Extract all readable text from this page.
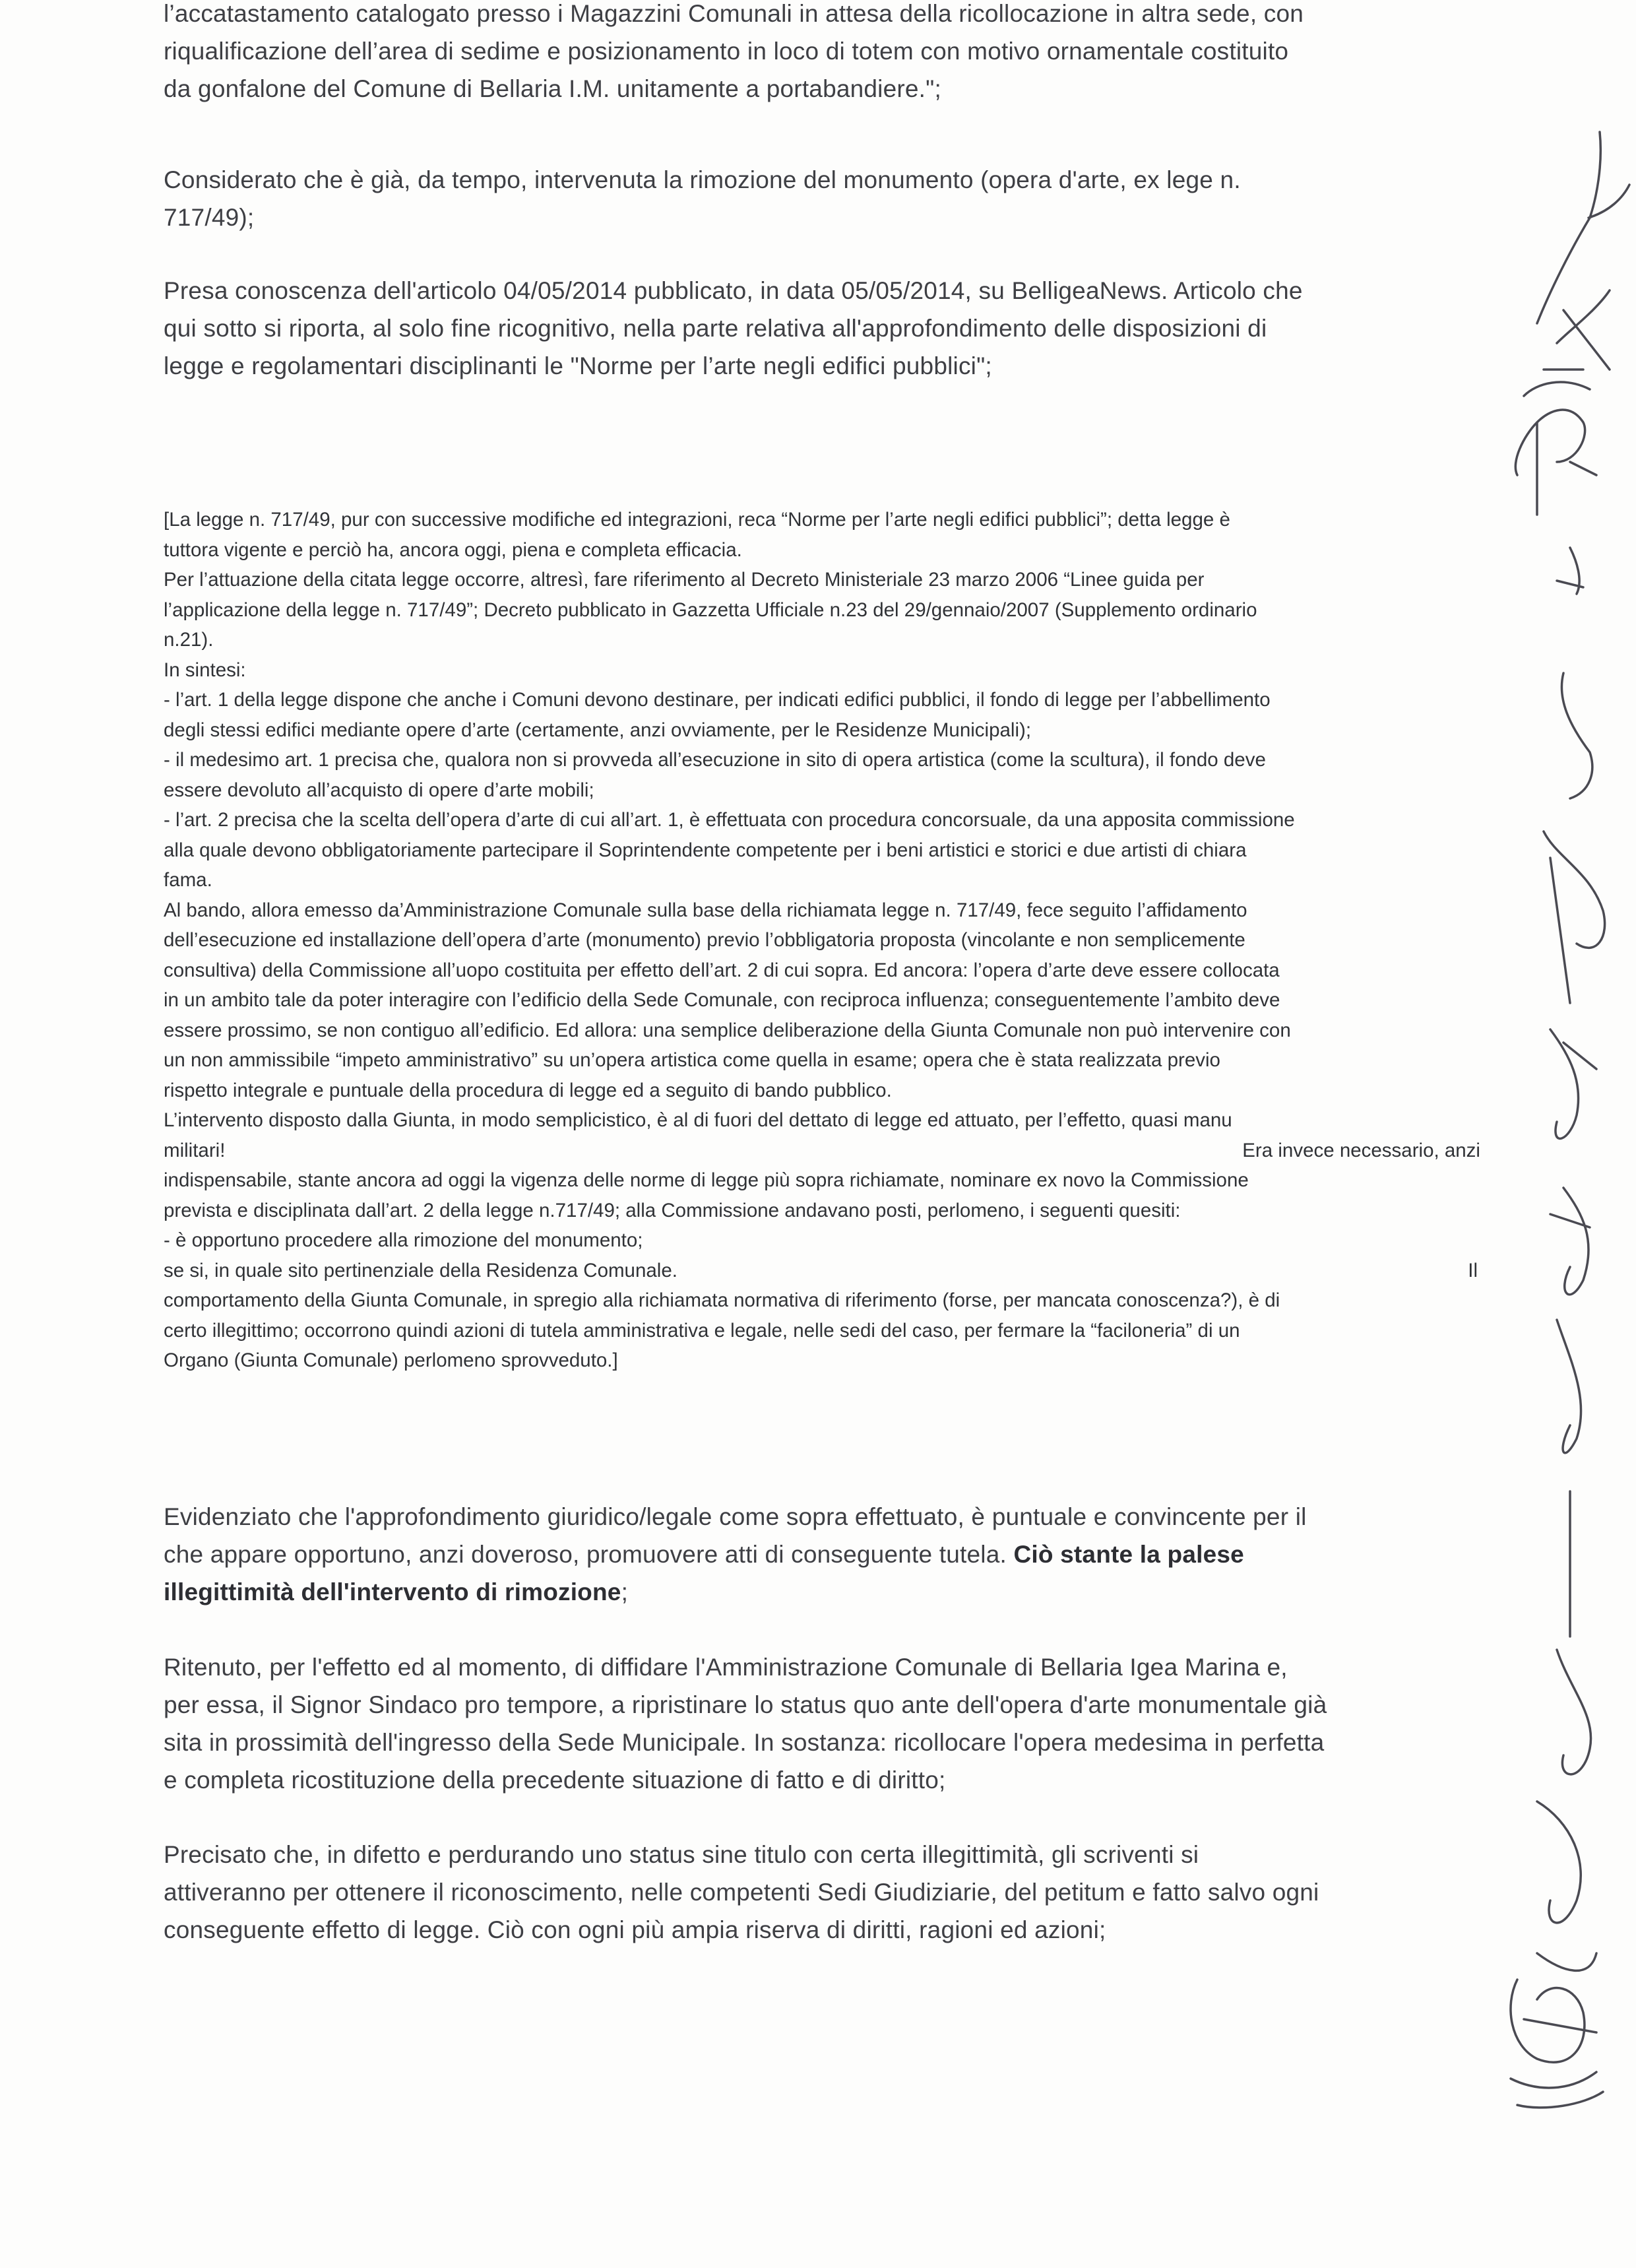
l’accatastamento catalogato presso i Magazzini Comunali in attesa della ricollocazione in altra sede, con
riqualificazione dell’area di sedime e posizionamento in loco di totem con motivo ornamentale costituito
da gonfalone del Comune di Bellaria I.M. unitamente a portabandiere.";
Considerato che è già, da tempo, intervenuta la rimozione del monumento (opera d'arte, ex lege n.
717/49);
Presa conoscenza dell'articolo 04/05/2014 pubblicato, in data 05/05/2014, su BelligeaNews. Articolo che
qui sotto si riporta, al solo fine ricognitivo, nella parte relativa all'approfondimento delle disposizioni di
legge e regolamentari disciplinanti le "Norme per l’arte negli edifici pubblici";
[La legge n. 717/49, pur con successive modifiche ed integrazioni, reca “Norme per l’arte negli edifici pubblici”; detta legge è
tuttora vigente e perciò ha, ancora oggi, piena e completa efficacia.
Per l’attuazione della citata legge occorre, altresì, fare riferimento al Decreto Ministeriale 23 marzo 2006 “Linee guida per
l’applicazione della legge n. 717/49”; Decreto pubblicato in Gazzetta Ufficiale n.23 del 29/gennaio/2007 (Supplemento ordinario
n.21).
In sintesi:
- l’art. 1 della legge dispone che anche i Comuni devono destinare, per indicati edifici pubblici, il fondo di legge per l’abbellimento
degli stessi edifici mediante opere d’arte (certamente, anzi ovviamente, per le Residenze Municipali);
- il medesimo art. 1 precisa che, qualora non si provveda all’esecuzione in sito di opera artistica (come la scultura), il fondo deve
essere devoluto all’acquisto di opere d’arte mobili;
- l’art. 2 precisa che la scelta dell’opera d’arte di cui all’art. 1, è effettuata con procedura concorsuale, da una apposita commissione
alla quale devono obbligatoriamente partecipare il Soprintendente competente per i beni artistici e storici e due artisti di chiara
fama.
Al bando, allora emesso da’Amministrazione Comunale sulla base della richiamata legge n. 717/49, fece seguito l’affidamento
dell’esecuzione ed installazione dell’opera d’arte (monumento) previo l’obbligatoria proposta (vincolante e non semplicemente
consultiva) della Commissione all’uopo costituita per effetto dell’art. 2 di cui sopra. Ed ancora: l’opera d’arte deve essere collocata
in un ambito tale da poter interagire con l’edificio della Sede Comunale, con reciproca influenza; conseguentemente l’ambito deve
essere prossimo, se non contiguo all’edificio. Ed allora: una semplice deliberazione della Giunta Comunale non può intervenire con
un non ammissibile “impeto amministrativo” su un’opera artistica come quella in esame; opera che è stata realizzata previo
rispetto integrale e puntuale della procedura di legge ed a seguito di bando pubblico.
L’intervento disposto dalla Giunta, in modo semplicistico, è al di fuori del dettato di legge ed attuato, per l’effetto, quasi manu
militari!	Era invece necessario, anzi
indispensabile, stante ancora ad oggi la vigenza delle norme di legge più sopra richiamate, nominare ex novo la Commissione
prevista e disciplinata dall’art. 2 della legge n.717/49; alla Commissione andavano posti, perlomeno, i seguenti quesiti:
- è opportuno procedere alla rimozione del monumento;
se si, in quale sito pertinenziale della Residenza Comunale.	Il
comportamento della Giunta Comunale, in spregio alla richiamata normativa di riferimento (forse, per mancata conoscenza?), è di
certo illegittimo; occorrono quindi azioni di tutela amministrativa e legale, nelle sedi del caso, per fermare la “faciloneria” di un
Organo (Giunta Comunale) perlomeno sprovveduto.]
Evidenziato che l'approfondimento giuridico/legale come sopra effettuato, è puntuale e convincente per il
che appare opportuno, anzi doveroso, promuovere atti di conseguente tutela. Ciò stante la palese
illegittimità dell'intervento di rimozione;
Ritenuto, per l'effetto ed al momento, di diffidare l'Amministrazione Comunale di Bellaria Igea Marina e,
per essa, il Signor Sindaco pro tempore, a ripristinare lo status quo ante dell'opera d'arte monumentale già
sita in prossimità dell'ingresso della Sede Municipale. In sostanza: ricollocare l'opera medesima in perfetta
e completa ricostituzione della precedente situazione di fatto e di diritto;
Precisato che, in difetto e perdurando uno status sine titulo con certa illegittimità, gli scriventi si
attiveranno per ottenere il riconoscimento, nelle competenti Sedi Giudiziarie, del petitum e fatto salvo ogni
conseguente effetto di legge. Ciò con ogni più ampia riserva di diritti, ragioni ed azioni;
